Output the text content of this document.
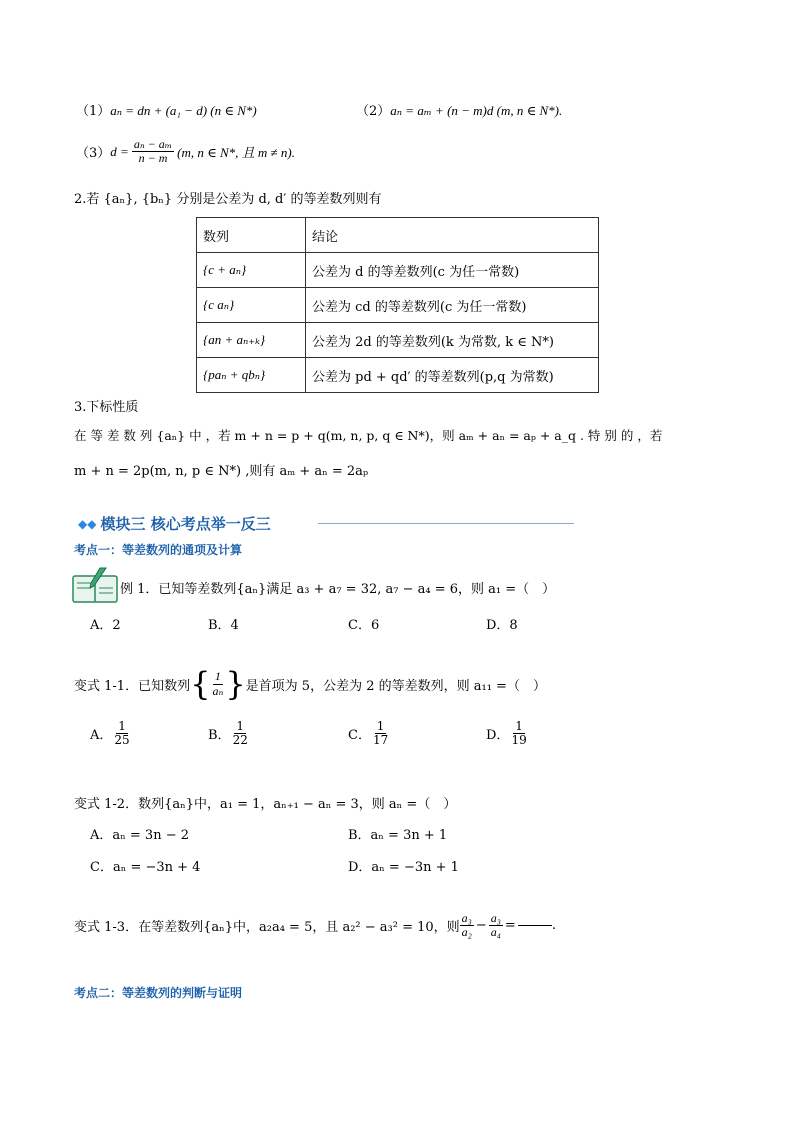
（1）aₙ = dn + (a₁ − d) (n ∈ N*)	（2）aₙ = aₘ + (n − m)d (m, n ∈ N*).
（3） $d = \frac{\text{aₙ − aₘ}}{n - m} (m$, n ∈ N*, 且 m ≠ n).
2.若 {aₙ}, {bₙ} 分别是公差为 d, d′ 的等差数列则有
数列	结论
{c + aₙ}	公差为 d 的等差数列(c 为任一常数)
{c aₙ}	公差为 cd 的等差数列(c 为任一常数)
{an + aₙ₊ₖ}	公差为 2d 的等差数列(k 为常数, k ∈ N*)
{paₙ + qbₙ}	公差为 pd + qd′ 的等差数列(p,q 为常数)
3.下标性质
在 等 差 数 列 {aₙ} 中 ，若 m + n = p + q(m, n, p, q ∈ N*)，则 aₘ + aₙ = aₚ + a_q . 特 别 的 ，若
m + n = 2p(m, n, p ∈ N*) ,则有 aₘ + aₙ = 2aₚ
◆◆ 模块三 核心考点举一反三
考点一：等差数列的通项及计算
例 1．已知等差数列{aₙ}满足 a₃ + a₇ = 32, a₇ − a₄ = 6，则 a₁ =（　）
A．2	B．4	C．6	D．8
变式 1-1．已知数列 { $\frac{1}{\text{aₙ}}$ } 是首项为 5，公差为 2 的等差数列，则 a₁₁ =（　）
A． $\frac{1}{25}$	B． $\frac{1}{22}$	C． $\frac{1}{17}$	D． $\frac{1}{19}$
变式 1-2．数列{aₙ}中，a₁ = 1，aₙ₊₁ − aₙ = 3，则 aₙ =（　）
A．aₙ = 3n − 2	B．aₙ = 3n + 1
C．aₙ = −3n + 4	D．aₙ = −3n + 1
变式 1-3．在等差数列{aₙ}中，a₂a₄ = 5，且 a₂² − a₃² = 10，则 $\frac{\text{a₃}}{\text{a₂}} - \frac{\text{a₃}}{\text{a₄}}$ =	.
考点二：等差数列的判断与证明
